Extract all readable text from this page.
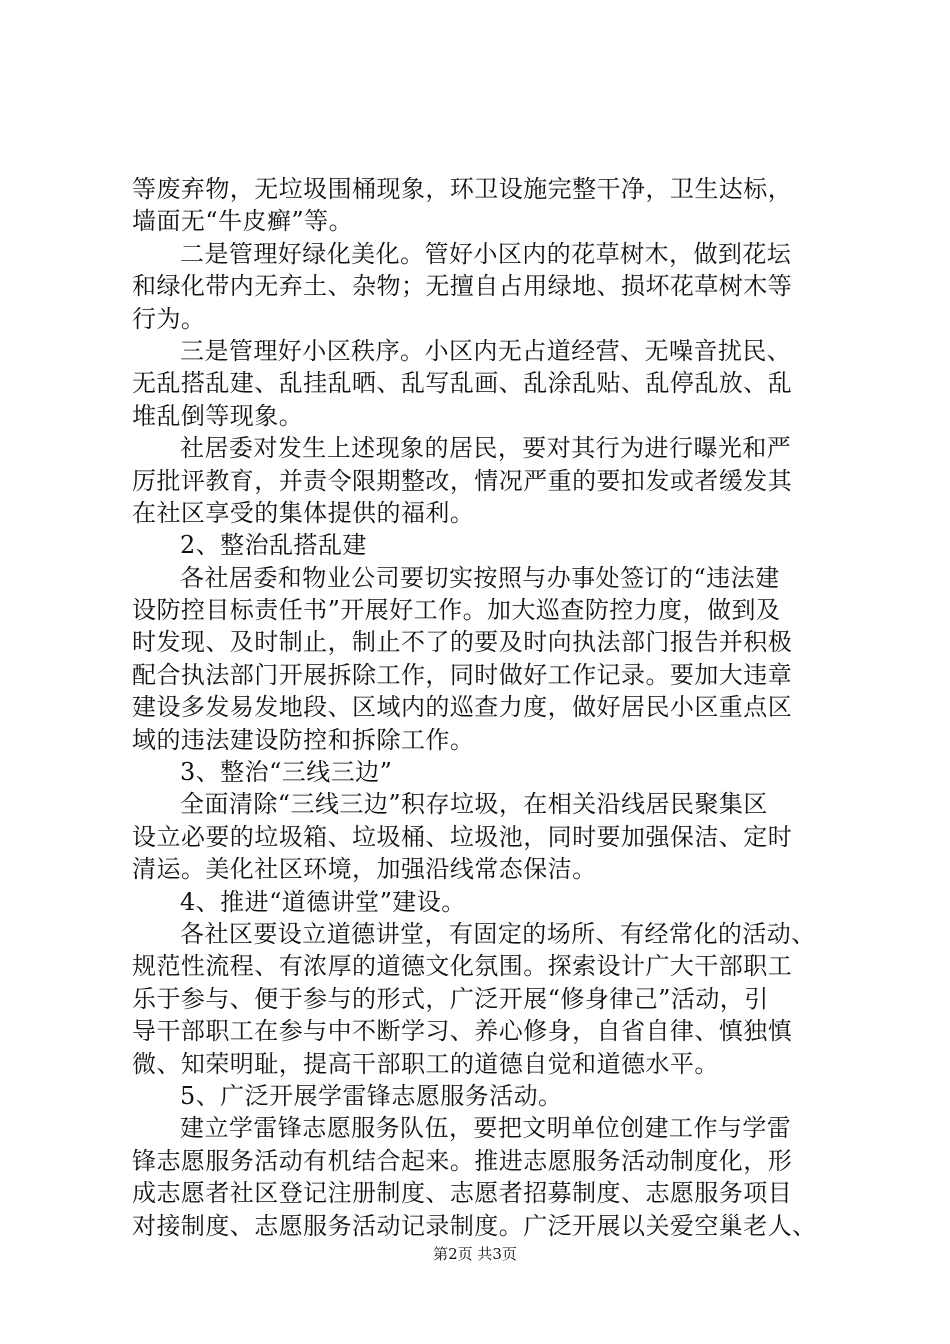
等废弃物，无垃圾围桶现象，环卫设施完整干净，卫生达标，
墙面无“牛皮癣”等。
二是管理好绿化美化。管好小区内的花草树木，做到花坛
和绿化带内无弃土、杂物；无擅自占用绿地、损坏花草树木等
行为。
三是管理好小区秩序。小区内无占道经营、无噪音扰民、
无乱搭乱建、乱挂乱晒、乱写乱画、乱涂乱贴、乱停乱放、乱
堆乱倒等现象。
社居委对发生上述现象的居民，要对其行为进行曝光和严
厉批评教育，并责令限期整改，情况严重的要扣发或者缓发其
在社区享受的集体提供的福利。
2、整治乱搭乱建
各社居委和物业公司要切实按照与办事处签订的“违法建
设防控目标责任书”开展好工作。加大巡查防控力度，做到及
时发现、及时制止，制止不了的要及时向执法部门报告并积极
配合执法部门开展拆除工作，同时做好工作记录。要加大违章
建设多发易发地段、区域内的巡查力度，做好居民小区重点区
域的违法建设防控和拆除工作。
3、整治“三线三边”
全面清除“三线三边”积存垃圾，在相关沿线居民聚集区
设立必要的垃圾箱、垃圾桶、垃圾池，同时要加强保洁、定时
清运。美化社区环境，加强沿线常态保洁。
4、推进“道德讲堂”建设。
各社区要设立道德讲堂，有固定的场所、有经常化的活动、
规范性流程、有浓厚的道德文化氛围。探索设计广大干部职工
乐于参与、便于参与的形式，广泛开展“修身律己”活动，引
导干部职工在参与中不断学习、养心修身，自省自律、慎独慎
微、知荣明耻，提高干部职工的道德自觉和道德水平。
5、广泛开展学雷锋志愿服务活动。
建立学雷锋志愿服务队伍，要把文明单位创建工作与学雷
锋志愿服务活动有机结合起来。推进志愿服务活动制度化，形
成志愿者社区登记注册制度、志愿者招募制度、志愿服务项目
对接制度、志愿服务活动记录制度。广泛开展以关爱空巢老人、
第2页 共3页
